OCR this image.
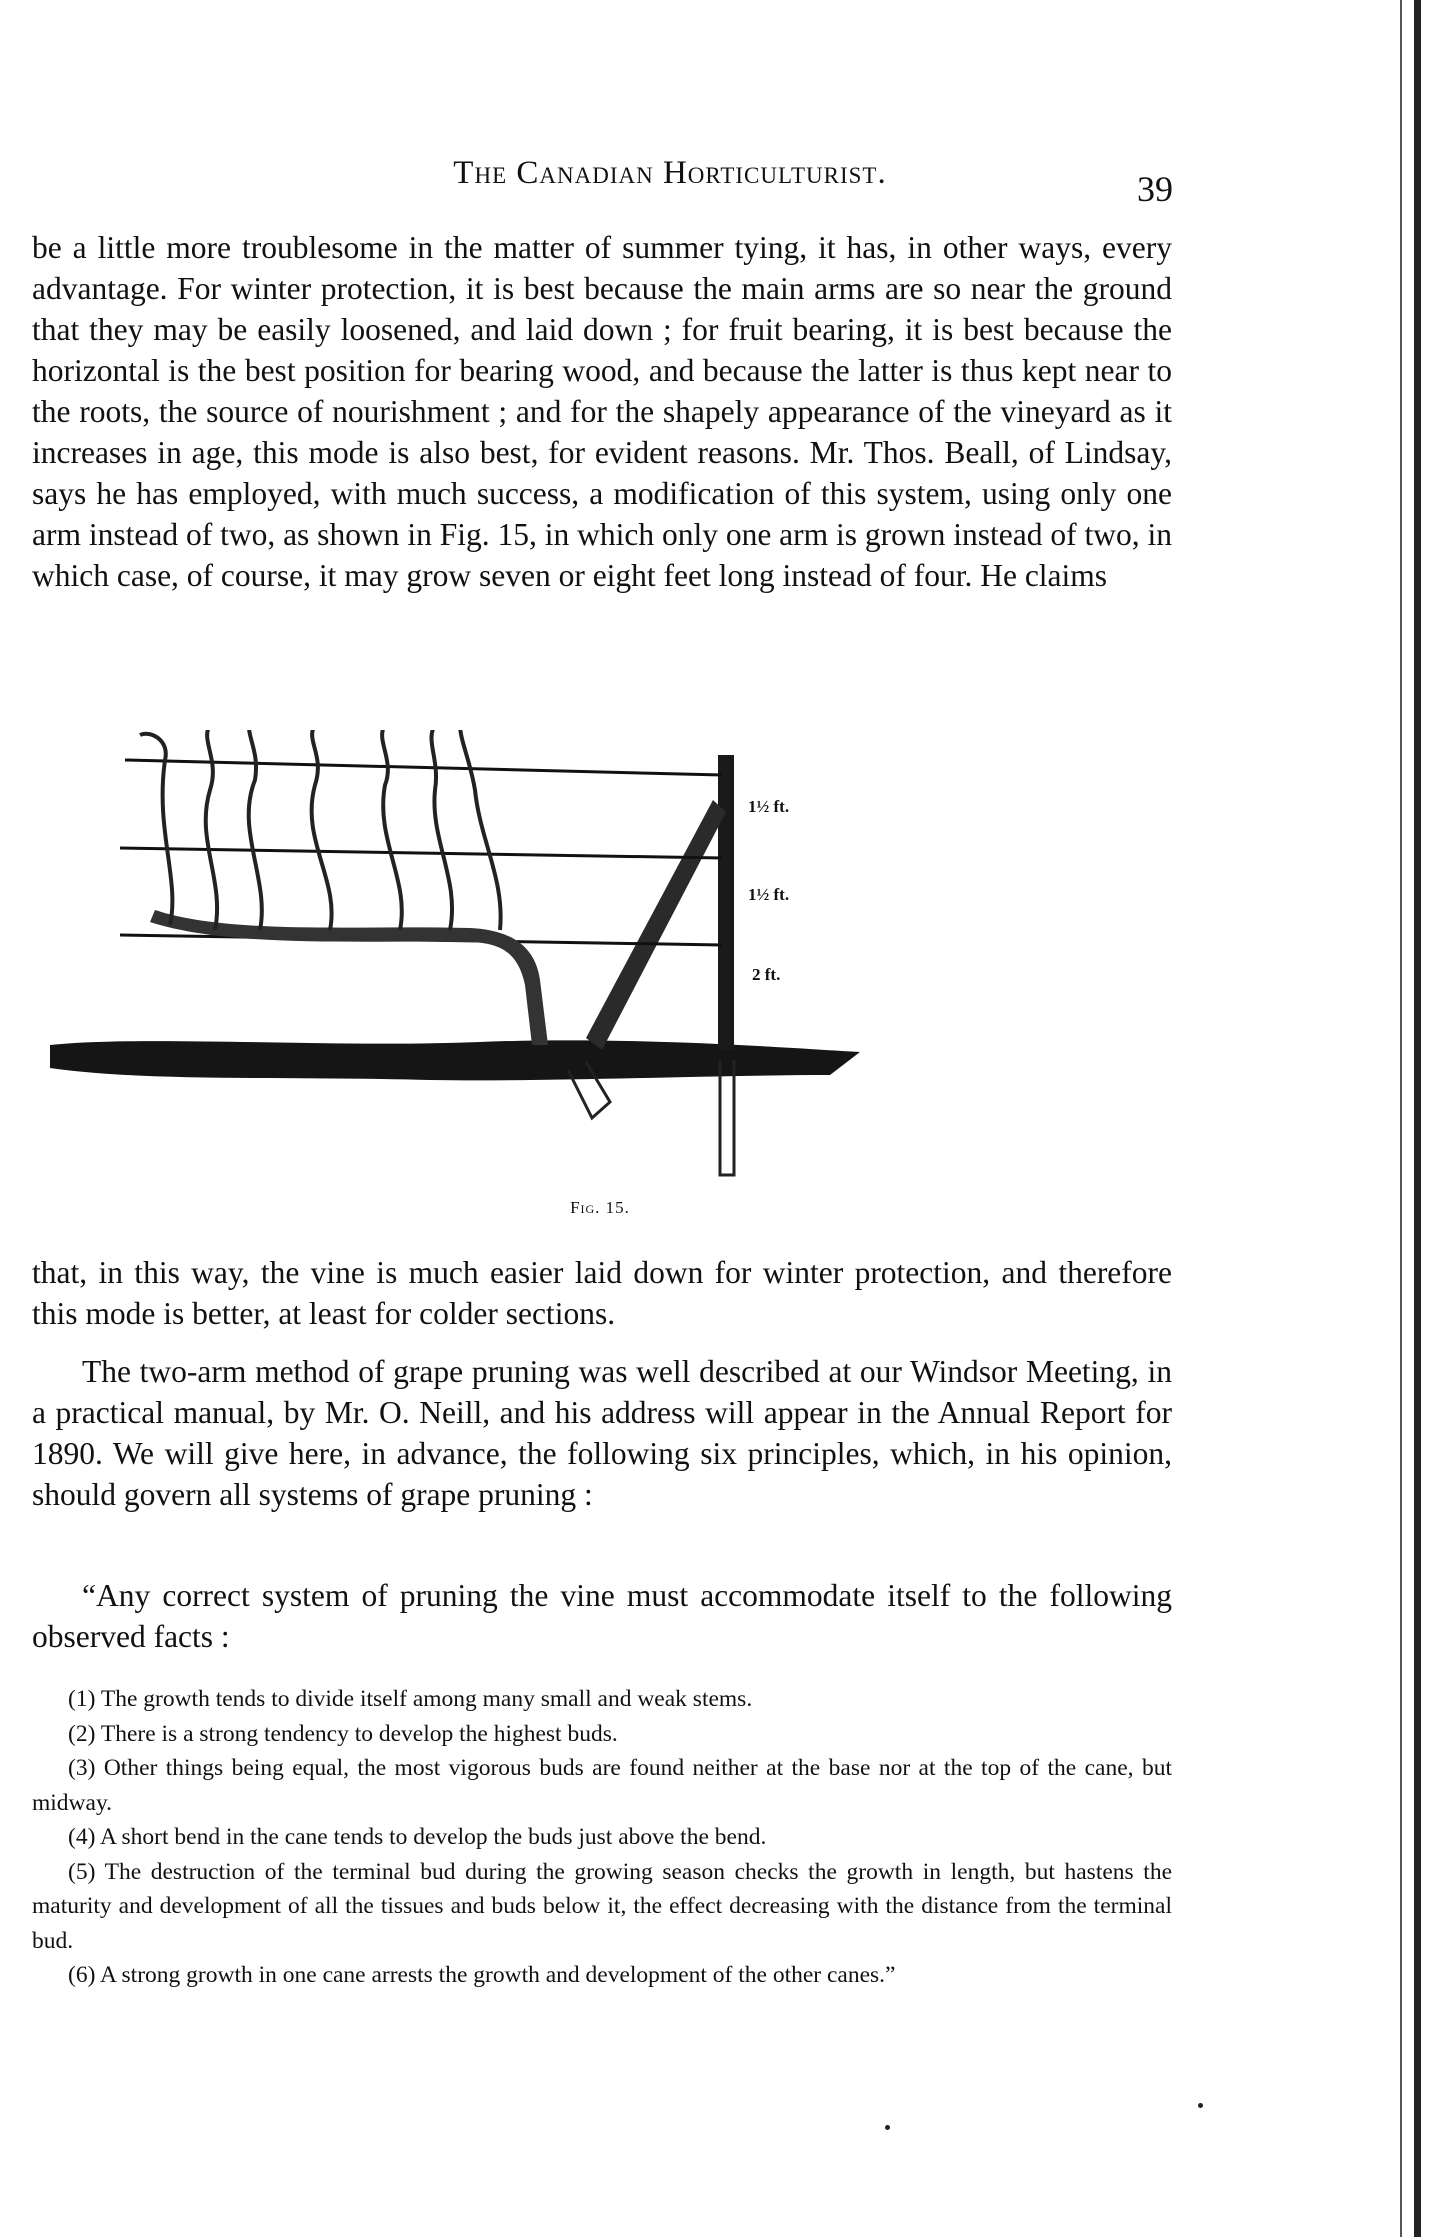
The Canadian Horticulturist.	39

be a little more troublesome in the matter of summer tying, it has, in other ways, every advantage. For winter protection, it is best because the main arms are so near the ground that they may be easily loosened, and laid down ; for fruit bearing, it is best because the horizontal is the best position for bearing wood, and because the latter is thus kept near to the roots, the source of nourishment ; and for the shapely appearance of the vineyard as it increases in age, this mode is also best, for evident reasons. Mr. Thos. Beall, of Lindsay, says he has employed, with much success, a modification of this system, using only one arm instead of two, as shown in Fig. 15, in which only one arm is grown instead of two, in which case, of course, it may grow seven or eight feet long instead of four. He claims

1½ ft.
1½ ft.
2 ft.
Fig. 15.

that, in this way, the vine is much easier laid down for winter protection, and therefore this mode is better, at least for colder sections.

The two-arm method of grape pruning was well described at our Windsor Meeting, in a practical manual, by Mr. O. Neill, and his address will appear in the Annual Report for 1890. We will give here, in advance, the following six principles, which, in his opinion, should govern all systems of grape pruning :

“Any correct system of pruning the vine must accommodate itself to the following observed facts :

(1) The growth tends to divide itself among many small and weak stems.

(2) There is a strong tendency to develop the highest buds.

(3) Other things being equal, the most vigorous buds are found neither at the base nor at the top of the cane, but midway.

(4) A short bend in the cane tends to develop the buds just above the bend.

(5) The destruction of the terminal bud during the growing season checks the growth in length, but hastens the maturity and development of all the tissues and buds below it, the effect decreasing with the distance from the terminal bud.

(6) A strong growth in one cane arrests the growth and development of the other canes.”
